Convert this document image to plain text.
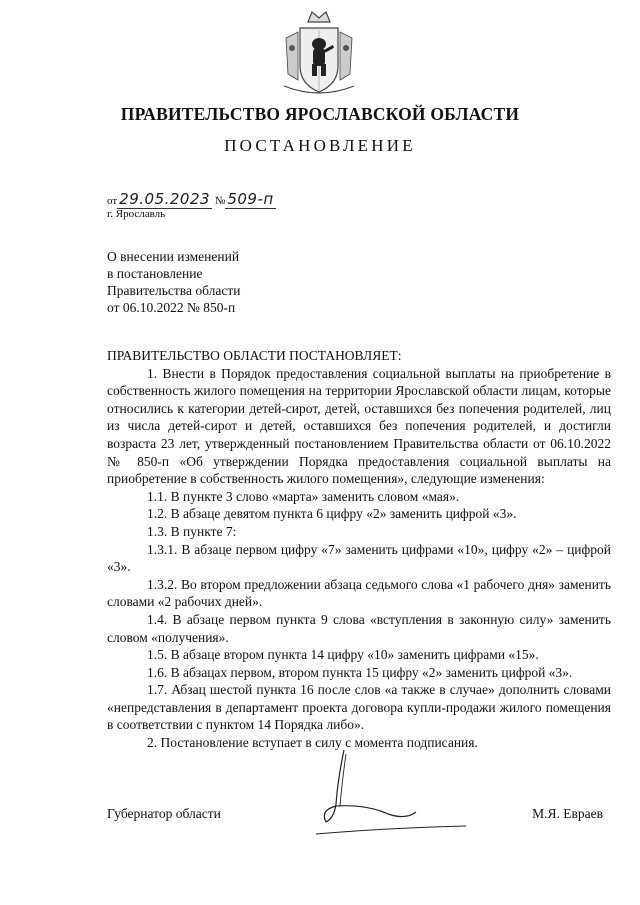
ПРАВИТЕЛЬСТВО ЯРОСЛАВСКОЙ ОБЛАСТИ
ПОСТАНОВЛЕНИЕ
от 29.05.2023 № 509-п
г. Ярославль
О внесении изменений
в постановление
Правительства области
от 06.10.2022 № 850-п

ПРАВИТЕЛЬСТВО ОБЛАСТИ ПОСТАНОВЛЯЕТ:

1. Внести в Порядок предоставления социальной выплаты на приобретение в собственность жилого помещения на территории Ярославской области лицам, которые относились к категории детей-сирот, детей, оставшихся без попечения родителей, лиц из числа детей-сирот и детей, оставшихся без попечения родителей, и достигли возраста 23 лет, утвержденный постановлением Правительства области от 06.10.2022 № 850-п «Об утверждении Порядка предоставления социальной выплаты на приобретение в собственность жилого помещения», следующие изменения:

1.1. В пункте 3 слово «марта» заменить словом «мая».

1.2. В абзаце девятом пункта 6 цифру «2» заменить цифрой «3».

1.3. В пункте 7:

1.3.1. В абзаце первом цифру «7» заменить цифрами «10», цифру «2» – цифрой «3».

1.3.2. Во втором предложении абзаца седьмого слова «1 рабочего дня» заменить словами «2 рабочих дней».

1.4. В абзаце первом пункта 9 слова «вступления в законную силу» заменить словом «получения».

1.5. В абзаце втором пункта 14 цифру «10» заменить цифрами «15».

1.6. В абзацах первом, втором пункта 15 цифру «2» заменить цифрой «3».

1.7. Абзац шестой пункта 16 после слов «а также в случае» дополнить словами «непредставления в департамент проекта договора купли-продажи жилого помещения в соответствии с пунктом 14 Порядка либо».

2. Постановление вступает в силу с момента подписания.

Губернатор области	М.Я. Евраев
